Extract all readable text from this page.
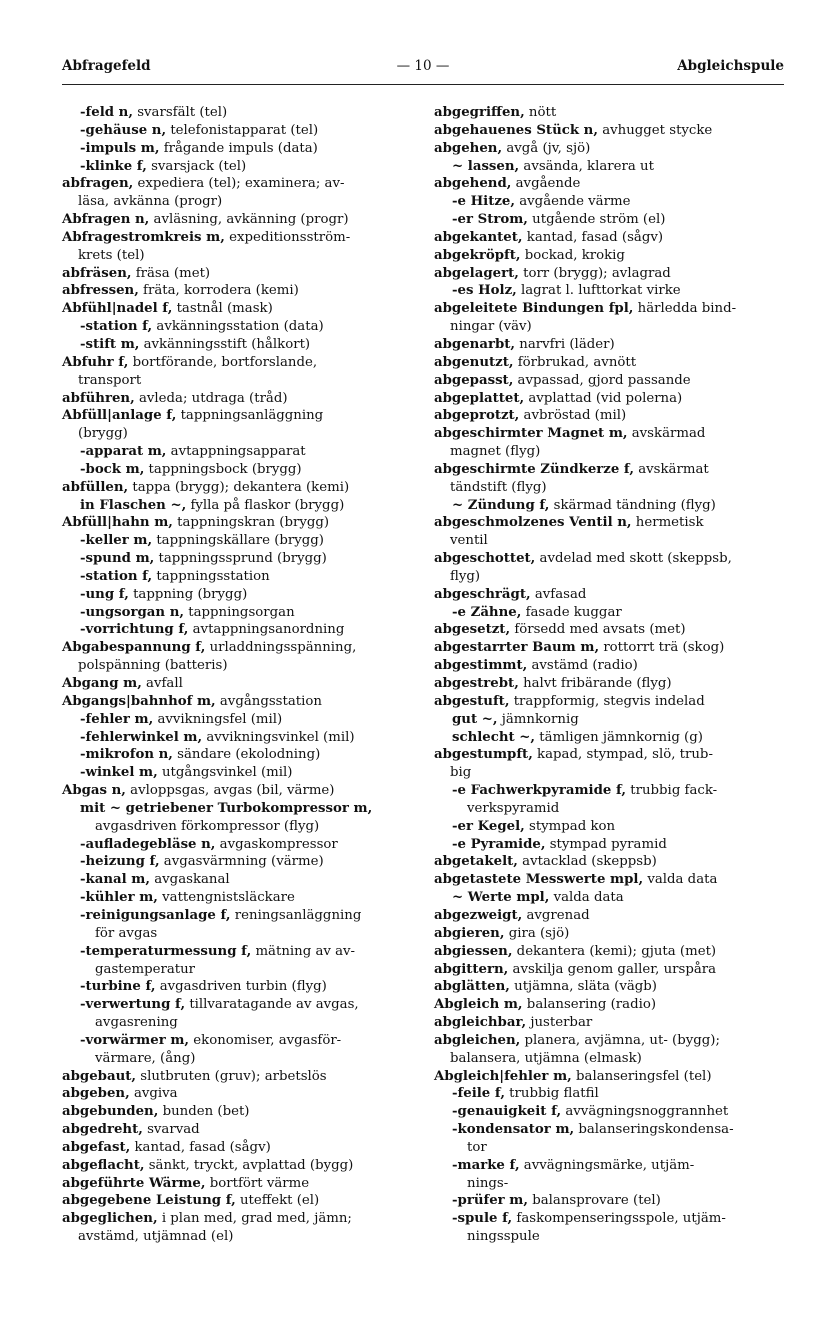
Abfragefeld	— 10 —	Abgleichspule
-feld n, svarsfält (tel)
-gehäuse n, telefonistapparat (tel)
-impuls m, frågande impuls (data)
-klinke f, svarsjack (tel)
abfragen, expediera (tel); examinera; av-
läsa, avkänna (progr)
Abfragen n, avläsning, avkänning (progr)
Abfragestromkreis m, expeditionsström-
krets (tel)
abfräsen, fräsa (met)
abfressen, fräta, korrodera (kemi)
Abfühl|nadel f, tastnål (mask)
-station f, avkänningsstation (data)
-stift m, avkänningsstift (hålkort)
Abfuhr f, bortförande, bortforslande,
transport
abführen, avleda; utdraga (tråd)
Abfüll|anlage f, tappningsanläggning
(brygg)
-apparat m, avtappningsapparat
-bock m, tappningsbock (brygg)
abfüllen, tappa (brygg); dekantera (kemi)
in Flaschen ~, fylla på flaskor (brygg)
Abfüll|hahn m, tappningskran (brygg)
-keller m, tappningskällare (brygg)
-spund m, tappningssprund (brygg)
-station f, tappningsstation
-ung f, tappning (brygg)
-ungsorgan n, tappningsorgan
-vorrichtung f, avtappningsanordning
Abgabespannung f, urladdningsspänning,
polspänning (batteris)
Abgang m, avfall
Abgangs|bahnhof m, avgångsstation
-fehler m, avvikningsfel (mil)
-fehlerwinkel m, avvikningsvinkel (mil)
-mikrofon n, sändare (ekolodning)
-winkel m, utgångsvinkel (mil)
Abgas n, avloppsgas, avgas (bil, värme)
mit ~ getriebener Turbokompressor m,
avgasdriven förkompressor (flyg)
-aufladegebläse n, avgaskompressor
-heizung f, avgasvärmning (värme)
-kanal m, avgaskanal
-kühler m, vattengnistsläckare
-reinigungsanlage f, reningsanläggning
för avgas
-temperaturmessung f, mätning av av-
gastemperatur
-turbine f, avgasdriven turbin (flyg)
-verwertung f, tillvaratagande av avgas,
avgasrening
-vorwärmer m, ekonomiser, avgasför-
värmare, (ång)
abgebaut, slutbruten (gruv); arbetslös
abgeben, avgiva
abgebunden, bunden (bet)
abgedreht, svarvad
abgefast, kantad, fasad (sågv)
abgeflacht, sänkt, tryckt, avplattad (bygg)
abgeführte Wärme, bortfört värme
abgegebene Leistung f, uteffekt (el)
abgeglichen, i plan med, grad med, jämn;
avstämd, utjämnad (el)
abgegriffen, nött
abgehauenes Stück n, avhugget stycke
abgehen, avgå (jv, sjö)
~ lassen, avsända, klarera ut
abgehend, avgående
-e Hitze, avgående värme
-er Strom, utgående ström (el)
abgekantet, kantad, fasad (sågv)
abgekröpft, bockad, krokig
abgelagert, torr (brygg); avlagrad
-es Holz, lagrat l. lufttorkat virke
abgeleitete Bindungen fpl, härledda bind-
ningar (väv)
abgenarbt, narvfri (läder)
abgenutzt, förbrukad, avnött
abgepasst, avpassad, gjord passande
abgeplattet, avplattad (vid polerna)
abgeprotzt, avbröstad (mil)
abgeschirmter Magnet m, avskärmad
magnet (flyg)
abgeschirmte Zündkerze f, avskärmat
tändstift (flyg)
~ Zündung f, skärmad tändning (flyg)
abgeschmolzenes Ventil n, hermetisk
ventil
abgeschottet, avdelad med skott (skeppsb,
flyg)
abgeschrägt, avfasad
-e Zähne, fasade kuggar
abgesetzt, försedd med avsats (met)
abgestarrter Baum m, rottorrt trä (skog)
abgestimmt, avstämd (radio)
abgestrebt, halvt fribärande (flyg)
abgestuft, trappformig, stegvis indelad
gut ~, jämnkornig
schlecht ~, tämligen jämnkornig (g)
abgestumpft, kapad, stympad, slö, trub-
big
-e Fachwerkpyramide f, trubbig fack-
verkspyramid
-er Kegel, stympad kon
-e Pyramide, stympad pyramid
abgetakelt, avtacklad (skeppsb)
abgetastete Messwerte mpl, valda data
~ Werte mpl, valda data
abgezweigt, avgrenad
abgieren, gira (sjö)
abgiessen, dekantera (kemi); gjuta (met)
abgittern, avskilja genom galler, urspåra
abglätten, utjämna, släta (vägb)
Abgleich m, balansering (radio)
abgleichbar, justerbar
abgleichen, planera, avjämna, ut- (bygg);
balansera, utjämna (elmask)
Abgleich|fehler m, balanseringsfel (tel)
-feile f, trubbig flatfil
-genauigkeit f, avvägningsnoggrannhet
-kondensator m, balanseringskondensa-
tor
-marke f, avvägningsmärke, utjäm-
nings-
-prüfer m, balansprovare (tel)
-spule f, faskompenseringsspole, utjäm-
ningsspule
